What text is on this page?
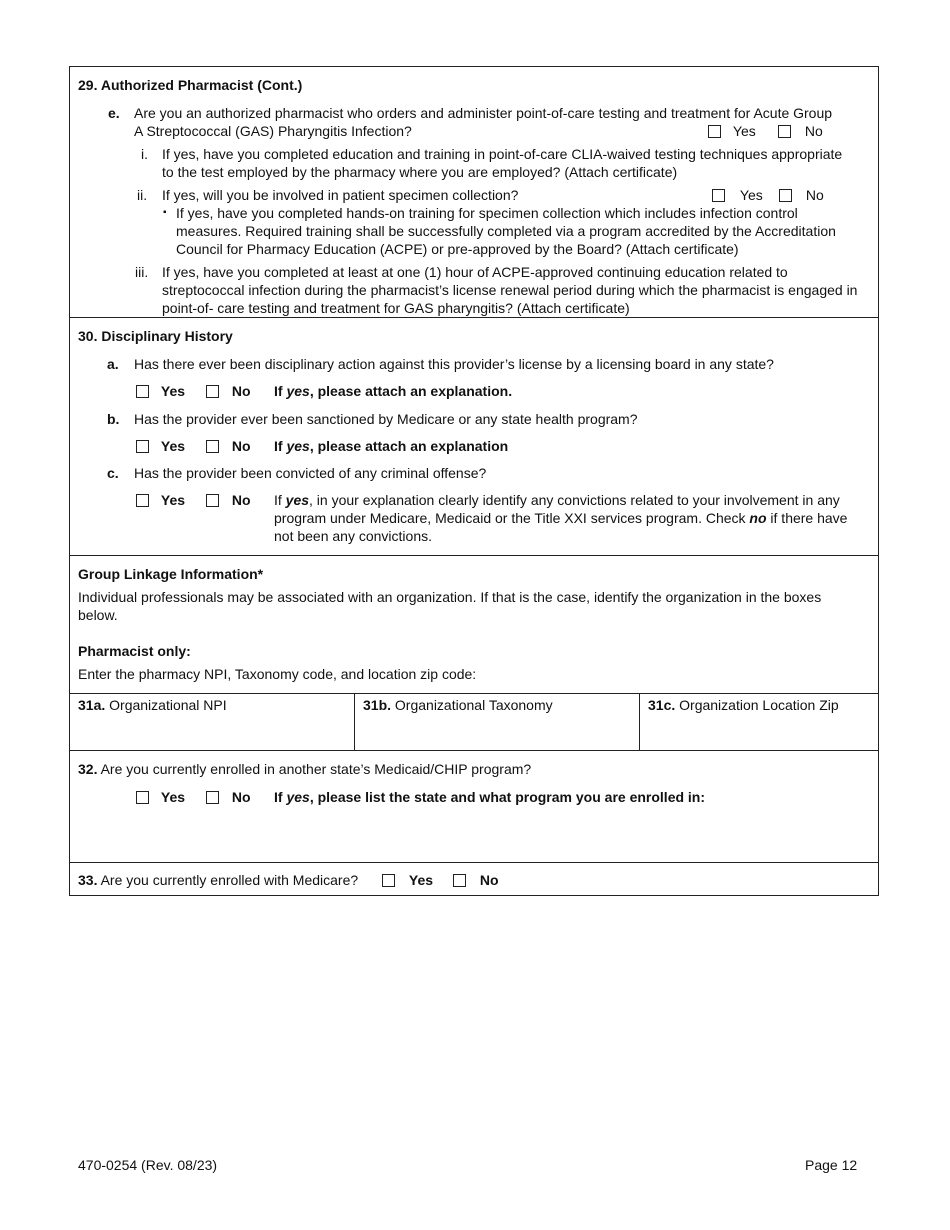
29. Authorized Pharmacist (Cont.)
e. Are you an authorized pharmacist who orders and administer point-of-care testing and treatment for Acute Group
A Streptococcal (GAS) Pharyngitis Infection?	Yes	No
i. If yes, have you completed education and training in point-of-care CLIA-waived testing techniques appropriate
to the test employed by the pharmacy where you are employed? (Attach certificate)
ii. If yes, will you be involved in patient specimen collection?	Yes	No
▪ If yes, have you completed hands-on training for specimen collection which includes infection control
measures. Required training shall be successfully completed via a program accredited by the Accreditation
Council for Pharmacy Education (ACPE) or pre-approved by the Board? (Attach certificate)
iii. If yes, have you completed at least at one (1) hour of ACPE-approved continuing education related to
streptococcal infection during the pharmacist’s license renewal period during which the pharmacist is engaged in
point-of- care testing and treatment for GAS pharyngitis? (Attach certificate)
30. Disciplinary History
a. Has there ever been disciplinary action against this provider’s license by a licensing board in any state?
Yes	No If yes, please attach an explanation.
b. Has the provider ever been sanctioned by Medicare or any state health program?
Yes	No If yes, please attach an explanation
c. Has the provider been convicted of any criminal offense?
Yes	No If yes, in your explanation clearly identify any convictions related to your involvement in any
program under Medicare, Medicaid or the Title XXI services program. Check no if there have
not been any convictions.
Group Linkage Information*
Individual professionals may be associated with an organization. If that is the case, identify the organization in the boxes
below.
Pharmacist only:
Enter the pharmacy NPI, Taxonomy code, and location zip code:
31a. Organizational NPI	31b. Organizational Taxonomy	31c. Organization Location Zip
32. Are you currently enrolled in another state’s Medicaid/CHIP program?
Yes	No If yes, please list the state and what program you are enrolled in:
33. Are you currently enrolled with Medicare?	Yes	No
470-0254 (Rev. 08/23)	Page 12
